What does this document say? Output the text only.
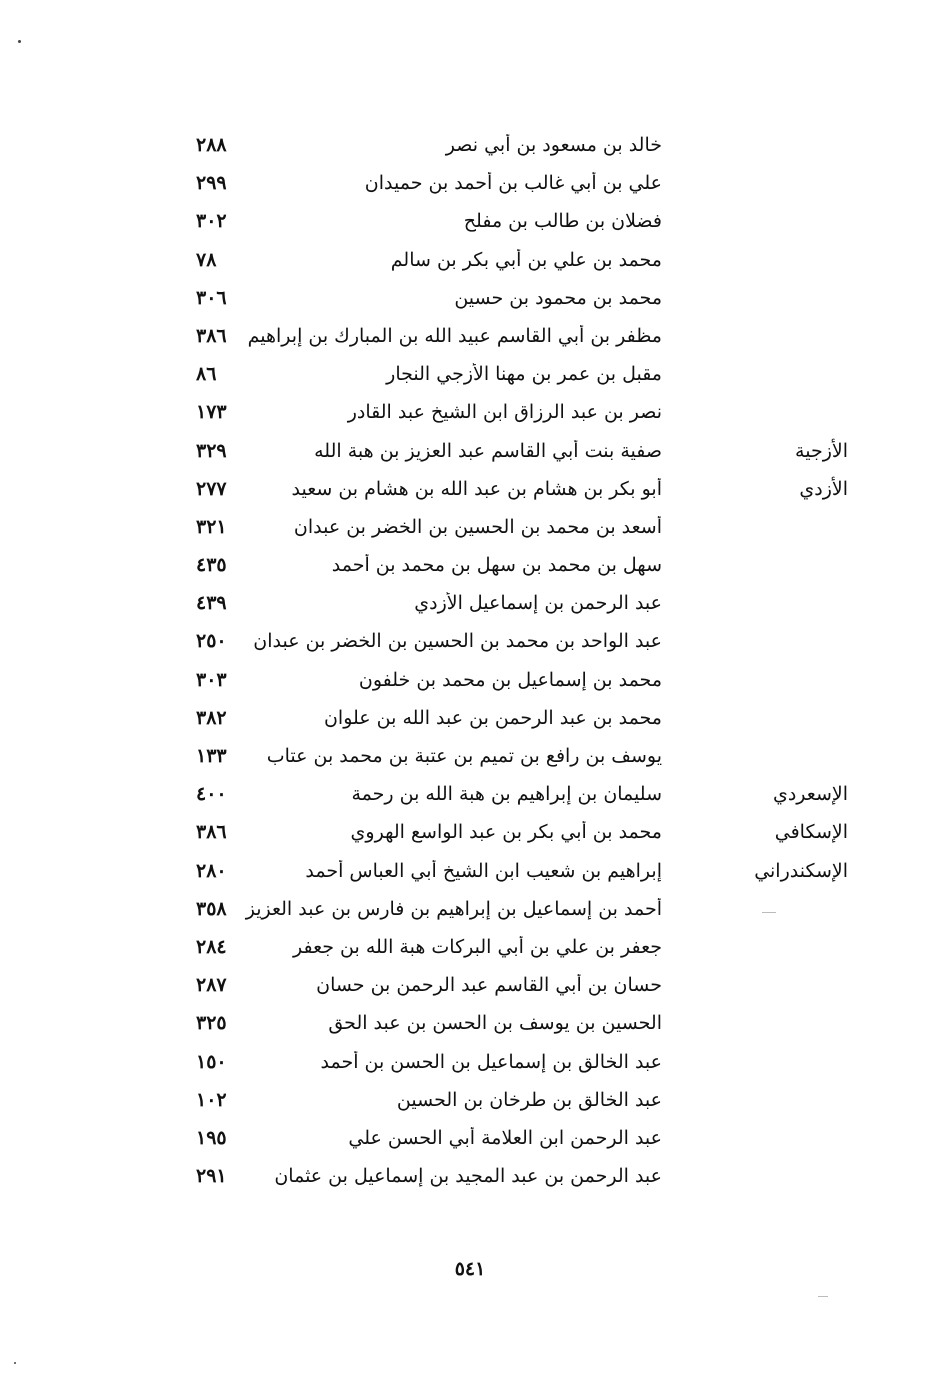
خالد بن مسعود بن أبي نصر
٢٨٨
علي بن أبي غالب بن أحمد بن حميدان
٢٩٩
فضلان بن طالب بن مفلح
٣٠٢
محمد بن علي بن أبي بكر بن سالم
٧٨
محمد بن محمود بن حسين
٣٠٦
مظفر بن أبي القاسم عبيد الله بن المبارك بن إبراهيم
٣٨٦
مقبل بن عمر بن مهنا الأزجي النجار
٨٦
نصر بن عبد الرزاق ابن الشيخ عبد القادر
١٧٣
الأزجية
صفية بنت أبي القاسم عبد العزيز بن هبة الله
٣٢٩
الأزدي
أبو بكر بن هشام بن عبد الله بن هشام بن سعيد
٢٧٧
أسعد بن محمد بن الحسين بن الخضر بن عبدان
٣٢١
سهل بن محمد بن سهل بن محمد بن أحمد
٤٣٥
عبد الرحمن بن إسماعيل الأزدي
٤٣٩
عبد الواحد بن محمد بن الحسين بن الخضر بن عبدان
٢٥٠
محمد بن إسماعيل بن محمد بن خلفون
٣٠٣
محمد بن عبد الرحمن بن عبد الله بن علوان
٣٨٢
يوسف بن رافع بن تميم بن عتبة بن محمد بن عتاب
١٣٣
الإسعردي
سليمان بن إبراهيم بن هبة الله بن رحمة
٤٠٠
الإسكافي
محمد بن أبي بكر بن عبد الواسع الهروي
٣٨٦
الإسكندراني
إبراهيم بن شعيب ابن الشيخ أبي العباس أحمد
٢٨٠
أحمد بن إسماعيل بن إبراهيم بن فارس بن عبد العزيز
٣٥٨
جعفر بن علي بن أبي البركات هبة الله بن جعفر
٢٨٤
حسان بن أبي القاسم عبد الرحمن بن حسان
٢٨٧
الحسين بن يوسف بن الحسن بن عبد الحق
٣٢٥
عبد الخالق بن إسماعيل بن الحسن بن أحمد
١٥٠
عبد الخالق بن طرخان بن الحسين
١٠٢
عبد الرحمن ابن العلامة أبي الحسن علي
١٩٥
عبد الرحمن بن عبد المجيد بن إسماعيل بن عثمان
٢٩١
٥٤١
